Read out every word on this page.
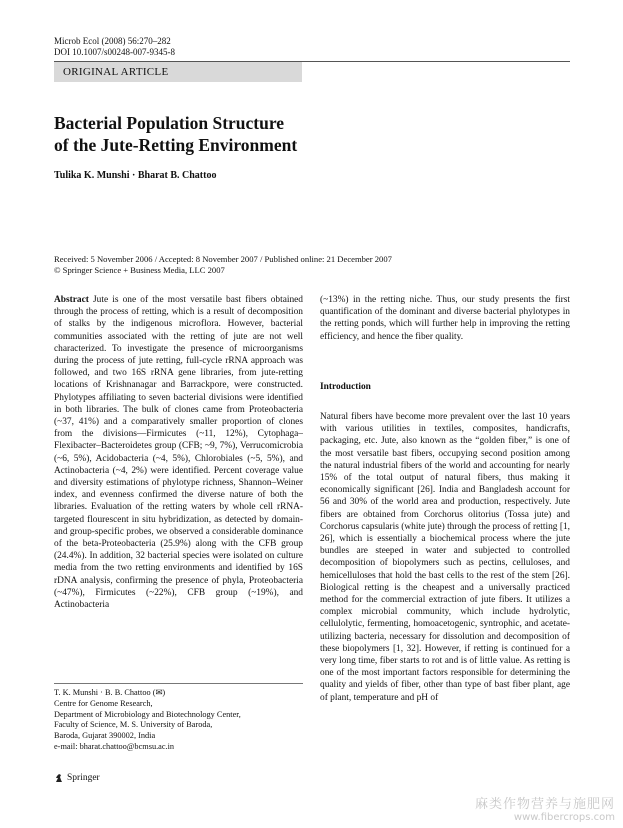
Microb Ecol (2008) 56:270–282
DOI 10.1007/s00248-007-9345-8
ORIGINAL ARTICLE
Bacterial Population Structure
of the Jute-Retting Environment
Tulika K. Munshi · Bharat B. Chattoo
Received: 5 November 2006 / Accepted: 8 November 2007 / Published online: 21 December 2007
© Springer Science + Business Media, LLC 2007

Abstract Jute is one of the most versatile bast fibers obtained through the process of retting, which is a result of decomposition of stalks by the indigenous microflora. However, bacterial communities associated with the retting of jute are not well characterized. To investigate the presence of microorganisms during the process of jute retting, full-cycle rRNA approach was followed, and two 16S rRNA gene libraries, from jute-retting locations of Krishnanagar and Barrackpore, were constructed. Phylotypes affiliating to seven bacterial divisions were identified in both libraries. The bulk of clones came from Proteobacteria (~37, 41%) and a comparatively smaller proportion of clones from the divisions—Firmicutes (~11, 12%), Cytophaga–Flexibacter–Bacteroidetes group (CFB; ~9, 7%), Verrucomicrobia (~6, 5%), Acidobacteria (~4, 5%), Chlorobiales (~5, 5%), and Actinobacteria (~4, 2%) were identified. Percent coverage value and diversity estimations of phylotype richness, Shannon–Weiner index, and evenness confirmed the diverse nature of both the libraries. Evaluation of the retting waters by whole cell rRNA-targeted flourescent in situ hybridization, as detected by domain- and group-specific probes, we observed a considerable dominance of the beta-Proteobacteria (25.9%) along with the CFB group (24.4%). In addition, 32 bacterial species were isolated on culture media from the two retting environments and identified by 16S rDNA analysis, confirming the presence of phyla, Proteobacteria (~47%), Firmicutes (~22%), CFB group (~19%), and Actinobacteria

(~13%) in the retting niche. Thus, our study presents the first quantification of the dominant and diverse bacterial phylotypes in the retting ponds, which will further help in improving the retting efficiency, and hence the fiber quality.

Introduction

Natural fibers have become more prevalent over the last 10 years with various utilities in textiles, composites, handicrafts, packaging, etc. Jute, also known as the “golden fiber,” is one of the most versatile bast fibers, occupying second position among the natural industrial fibers of the world and accounting for nearly 15% of the total output of natural fibers, thus making it economically significant [26]. India and Bangladesh account for 56 and 30% of the world area and production, respectively. Jute fibers are obtained from Corchorus olitorius (Tossa jute) and Corchorus capsularis (white jute) through the process of retting [1, 26], which is essentially a biochemical process where the jute bundles are steeped in water and subjected to controlled decomposition of biopolymers such as pectins, celluloses, and hemicelluloses that hold the bast cells to the rest of the stem [26]. Biological retting is the cheapest and a universally practiced method for the commercial extraction of jute fibers. It utilizes a complex microbial community, which include hydrolytic, cellulolytic, fermenting, homoacetogenic, syntrophic, and acetate-utilizing bacteria, necessary for dissolution and decomposition of these biopolymers [1, 32]. However, if retting is continued for a very long time, fiber starts to rot and is of little value. As retting is one of the most important factors responsible for determining the quality and yields of fiber, other than type of bast fiber plant, age of plant, temperature and pH of

T. K. Munshi · B. B. Chattoo (✉)
Centre for Genome Research,
Department of Microbiology and Biotechnology Center,
Faculty of Science, M. S. University of Baroda,
Baroda, Gujarat 390002, India
e-mail: bharat.chattoo@bcmsu.ac.in
Springer
麻类作物营养与施肥网
www.fibercrops.com
